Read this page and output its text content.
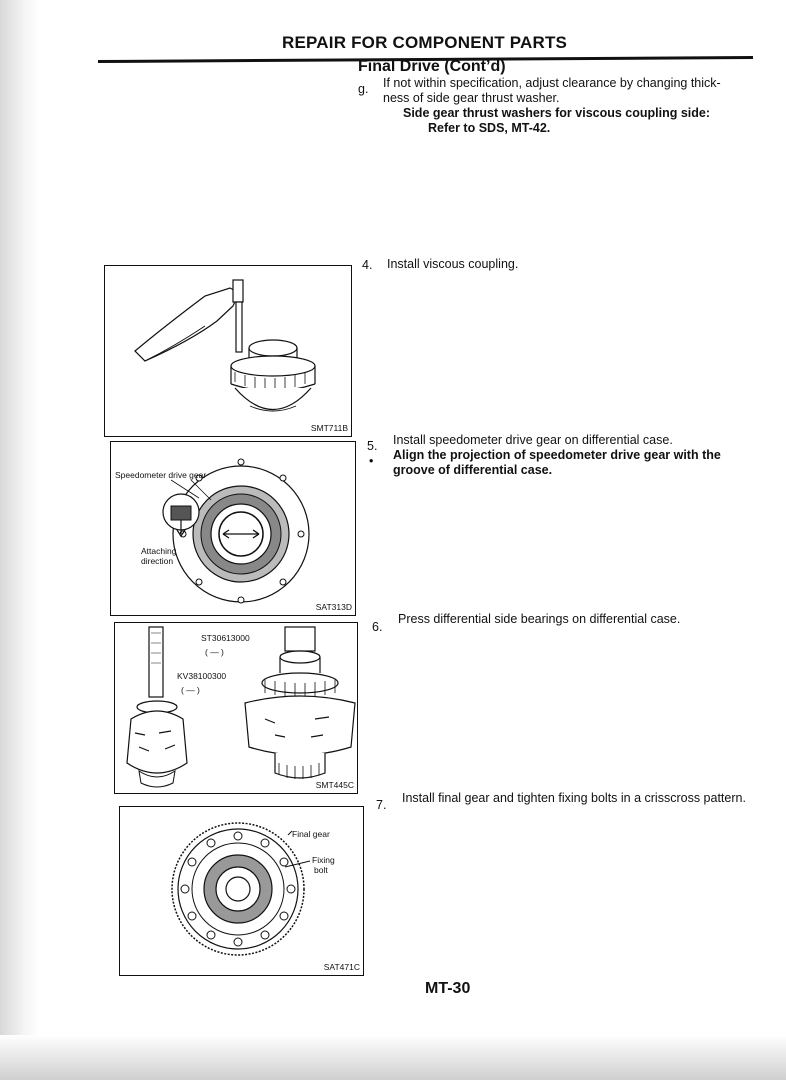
REPAIR FOR COMPONENT PARTS
Final Drive (Cont’d)
g. If not within specification, adjust clearance by changing thick-
ness of side gear thrust washer.
Side gear thrust washers for viscous coupling side:
Refer to SDS, MT-42.
SMT711B
4. Install viscous coupling.
Speedometer drive gear
Attaching
direction
SAT313D
5. Install speedometer drive gear on differential case.
• Align the projection of speedometer drive gear with the
groove of differential case.
ST30613000
( — )
KV38100300
( — )
SMT445C
6.
Press differential side bearings on differential case.
Final gear
Fixing
bolt
SAT471C
7. Install final gear and tighten fixing bolts in a crisscross pattern.
MT-30
